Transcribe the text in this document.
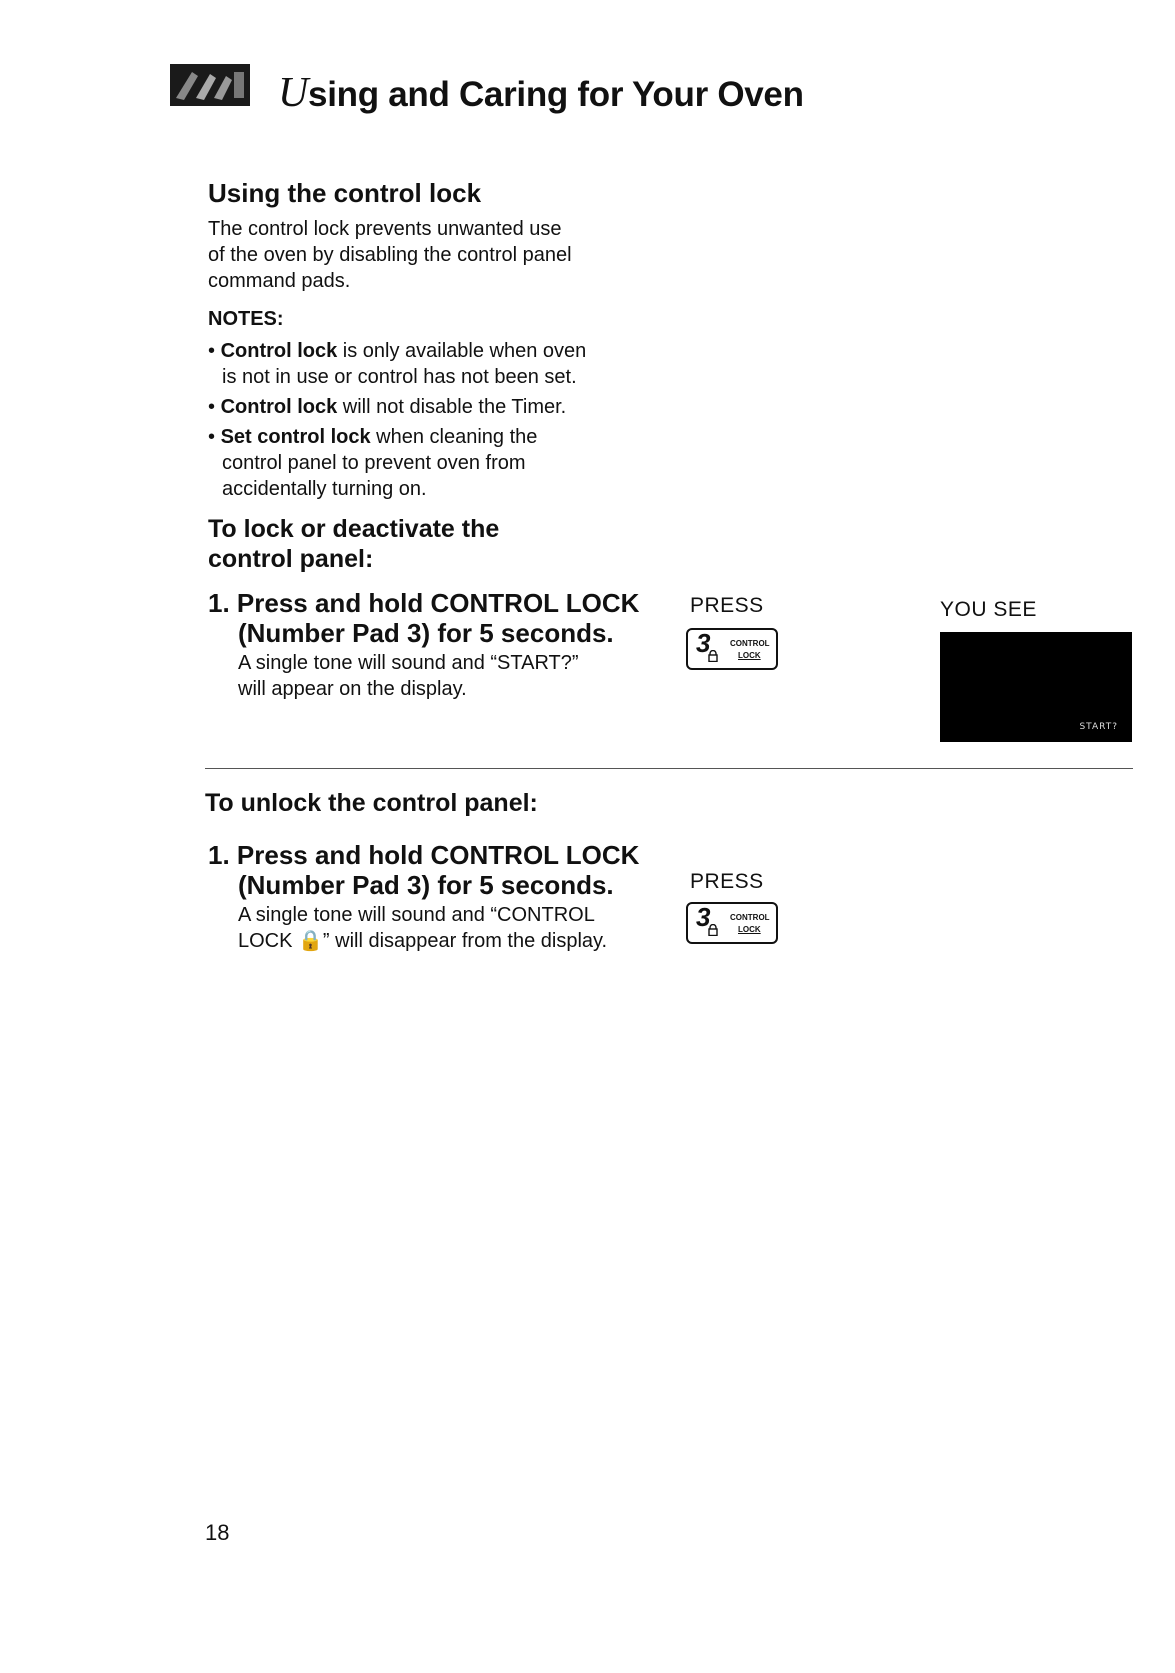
Using and Caring for Your Oven
Using the control lock
The control lock prevents unwanted use
of the oven by disabling the control panel
command pads.
NOTES:
• Control lock is only available when oven
is not in use or control has not been set.
• Control lock will not disable the Timer.
• Set control lock when cleaning the
control panel to prevent oven from
accidentally turning on.
To lock or deactivate the
control panel:
1. Press and hold CONTROL LOCK
(Number Pad 3) for 5 seconds.
A single tone will sound and “START?”
will appear on the display.
PRESS
3 CONTROL
LOCK
YOU SEE
START?
To unlock the control panel:
1. Press and hold CONTROL LOCK
(Number Pad 3) for 5 seconds.
A single tone will sound and “CONTROL
LOCK 🔒” will disappear from the display.
PRESS
3 CONTROL
LOCK
18
